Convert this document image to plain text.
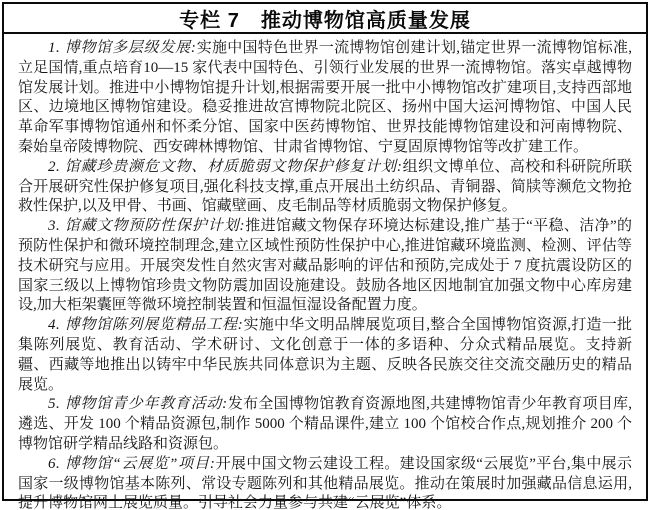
专栏 7　推动博物馆高质量发展

1. 博物馆多层级发展:实施中国特色世界一流博物馆创建计划,锚定世界一流博物馆标准,立足国情,重点培育10—15 家代表中国特色、引领行业发展的世界一流博物馆。落实卓越博物馆发展计划。推进中小博物馆提升计划,根据需要开展一批中小博物馆改扩建项目,支持西部地区、边境地区博物馆建设。稳妥推进故宫博物院北院区、扬州中国大运河博物馆、中国人民革命军事博物馆通州和怀柔分馆、国家中医药博物馆、世界技能博物馆建设和河南博物院、秦始皇帝陵博物院、西安碑林博物馆、甘肃省博物馆、宁夏固原博物馆等改扩建工作。

2. 馆藏珍贵濒危文物、材质脆弱文物保护修复计划:组织文博单位、高校和科研院所联合开展研究性保护修复项目,强化科技支撑,重点开展出土纺织品、青铜器、简牍等濒危文物抢救性保护,以及甲骨、书画、馆藏壁画、皮毛制品等材质脆弱文物保护修复。

3. 馆藏文物预防性保护计划:推进馆藏文物保存环境达标建设,推广基于“平稳、洁净”的预防性保护和微环境控制理念,建立区域性预防性保护中心,推进馆藏环境监测、检测、评估等技术研究与应用。开展突发性自然灾害对藏品影响的评估和预防,完成处于 7 度抗震设防区的国家三级以上博物馆珍贵文物防震加固设施建设。鼓励各地区因地制宜加强文物中心库房建设,加大柜架囊匣等微环境控制装置和恒温恒湿设备配置力度。

4. 博物馆陈列展览精品工程:实施中华文明品牌展览项目,整合全国博物馆资源,打造一批集陈列展览、教育活动、学术研讨、文化创意于一体的多语种、分众式精品展览。支持新疆、西藏等地推出以铸牢中华民族共同体意识为主题、反映各民族交往交流交融历史的精品展览。

5. 博物馆青少年教育活动:发布全国博物馆教育资源地图,共建博物馆青少年教育项目库,遴选、开发 100 个精品资源包,制作 5000 个精品课件,建立 100 个馆校合作点,规划推介 200 个博物馆研学精品线路和资源包。

6. 博物馆“云展览”项目:开展中国文物云建设工程。建设国家级“云展览”平台,集中展示国家一级博物馆基本陈列、常设专题陈列和其他精品展览。推动在策展时加强藏品信息运用,提升博物馆网上展览质量。引导社会力量参与共建“云展览”体系。
